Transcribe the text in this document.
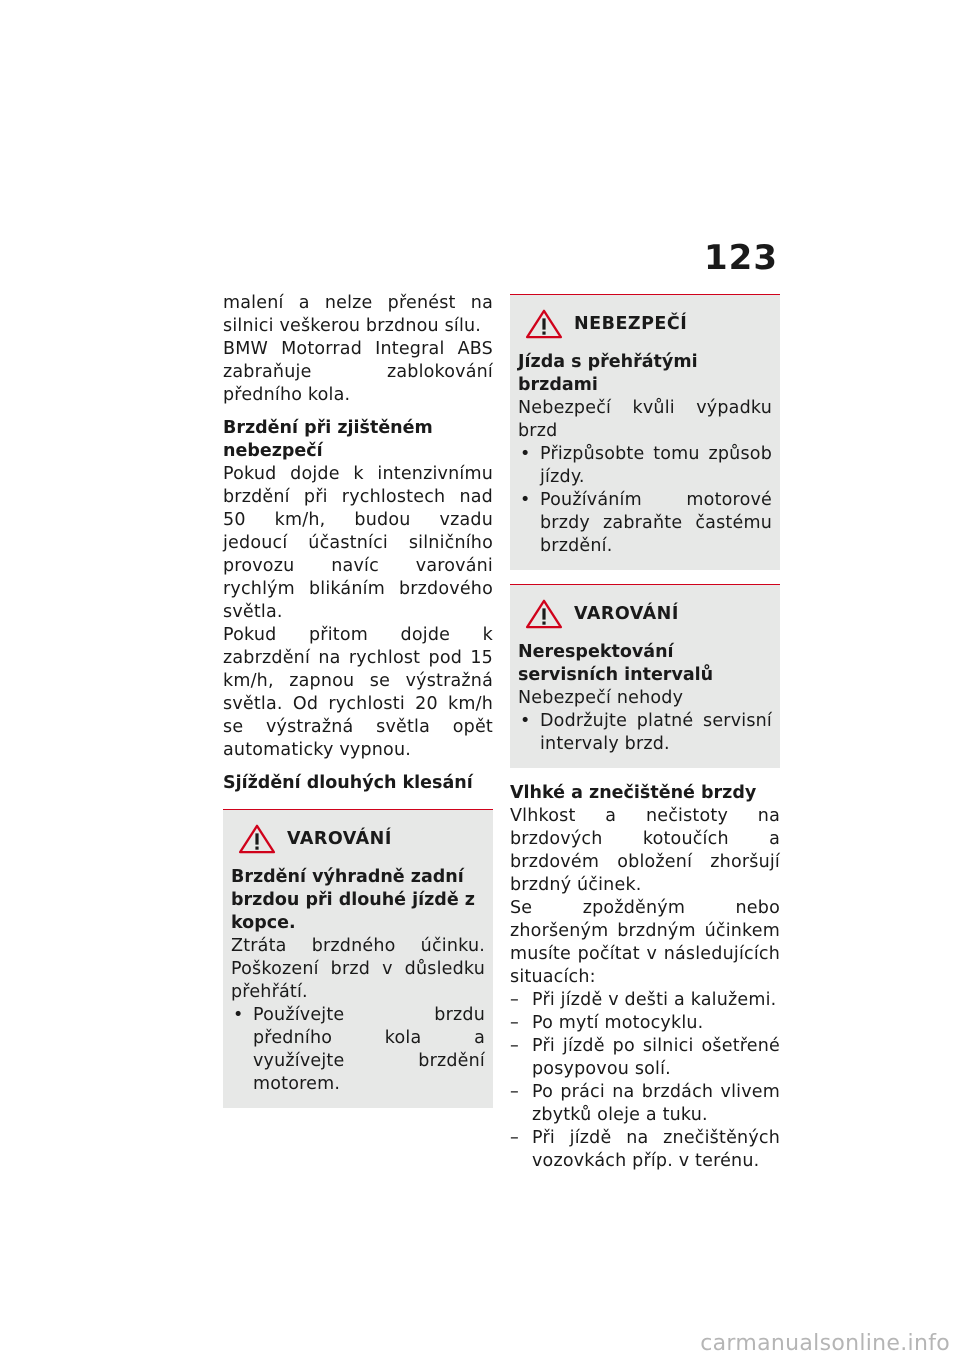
123

malení a nelze přenést na silnici veškerou brzdnou sílu.

BMW Motorrad Integral ABS zabraňuje zablokování předního kola.

Brzdění při zjištěném nebezpečí

Pokud dojde k intenzivnímu brzdění při rychlostech nad 50 km/h, budou vzadu jedoucí účastníci silničního provozu navíc varováni rychlým blikáním brzdového světla.

Pokud přitom dojde k zabrzdění na rychlost pod 15 km/h, zapnou se výstražná světla. Od rychlosti 20 km/h se výstražná světla opět automaticky vypnou.

Sjíždění dlouhých klesání

VAROVÁNÍ

Brzdění výhradně zadní brzdou při dlouhé jízdě z kopce.

Ztráta brzdného účinku. Poškození brzd v důsledku přehřátí.

• Používejte brzdu předního kola a využívejte brzdění motorem.

NEBEZPEČÍ

Jízda s přehřátými brzdami

Nebezpečí kvůli výpadku brzd

• Přizpůsobte tomu způsob jízdy.

• Používáním motorové brzdy zabraňte častému brzdění.

VAROVÁNÍ

Nerespektování servisních intervalů

Nebezpečí nehody

• Dodržujte platné servisní intervaly brzd.

Vlhké a znečištěné brzdy

Vlhkost a nečistoty na brzdových kotoučích a brzdovém obložení zhoršují brzdný účinek.

Se zpožděným nebo zhoršeným brzdným účinkem musíte počítat v následujících situacích:

– Při jízdě v dešti a kalužemi.

– Po mytí motocyklu.

– Při jízdě po silnici ošetřené posypovou solí.

– Po práci na brzdách vlivem zbytků oleje a tuku.

– Při jízdě na znečištěných vozovkách příp. v terénu.

carmanualsonline.info
